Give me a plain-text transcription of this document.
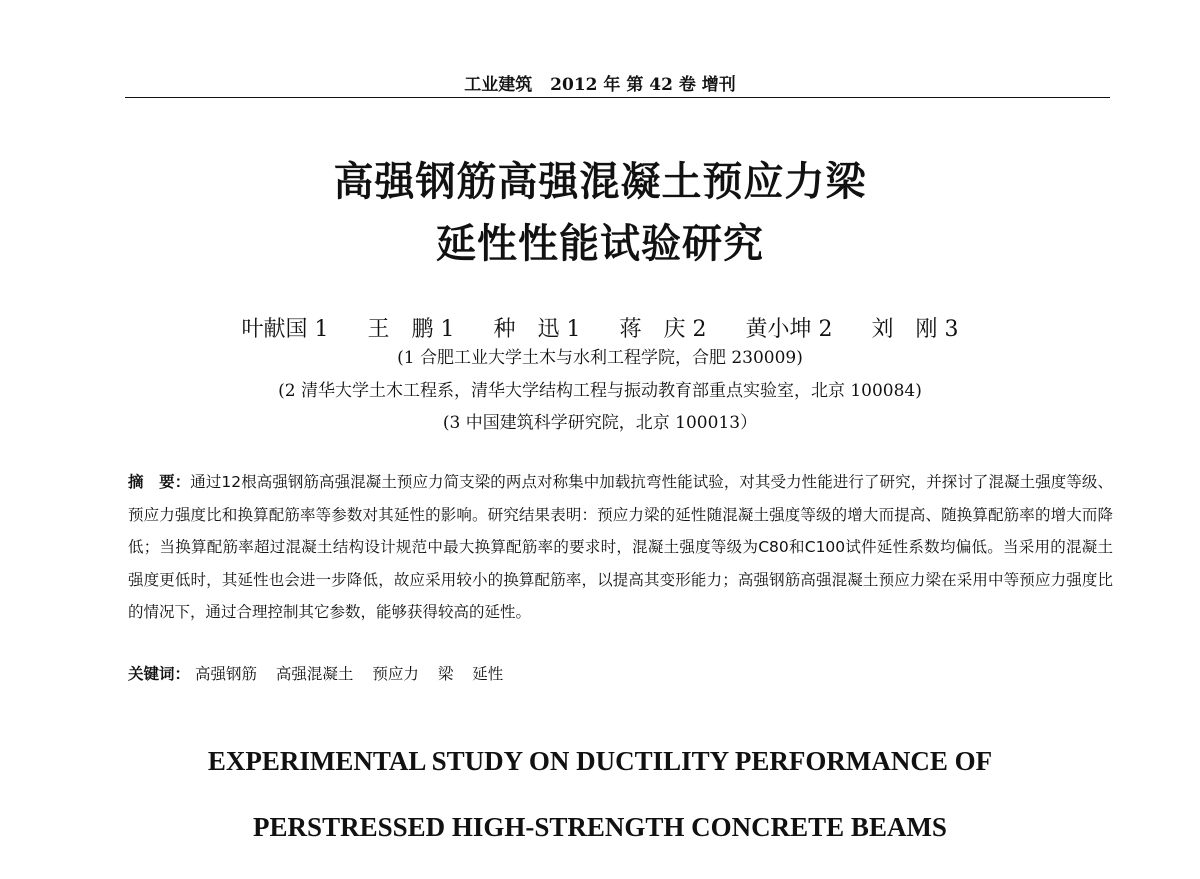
工业建筑 2012 年 第 42 卷 增刊
高强钢筋高强混凝土预应力梁
延性性能试验研究
叶献国 1 王　鹏 1 种　迅 1 蒋　庆 2 黄小坤 2 刘　刚 3
(1 合肥工业大学土木与水利工程学院，合肥 230009)
(2 清华大学土木工程系，清华大学结构工程与振动教育部重点实验室，北京 100084)
(3 中国建筑科学研究院，北京 100013）
摘　要：通过12根高强钢筋高强混凝土预应力简支梁的两点对称集中加载抗弯性能试验，对其受力性能进行了研究，并探讨了混凝土强度等级、预应力强度比和换算配筋率等参数对其延性的影响。研究结果表明：预应力梁的延性随混凝土强度等级的增大而提高、随换算配筋率的增大而降低；当换算配筋率超过混凝土结构设计规范中最大换算配筋率的要求时，混凝土强度等级为C80和C100试件延性系数均偏低。当采用的混凝土强度更低时，其延性也会进一步降低，故应采用较小的换算配筋率，以提高其变形能力；高强钢筋高强混凝土预应力梁在采用中等预应力强度比的情况下，通过合理控制其它参数，能够获得较高的延性。
关键词： 高强钢筋 高强混凝土 预应力 梁 延性
EXPERIMENTAL STUDY ON DUCTILITY PERFORMANCE OF
PERSTRESSED HIGH-STRENGTH CONCRETE BEAMS
